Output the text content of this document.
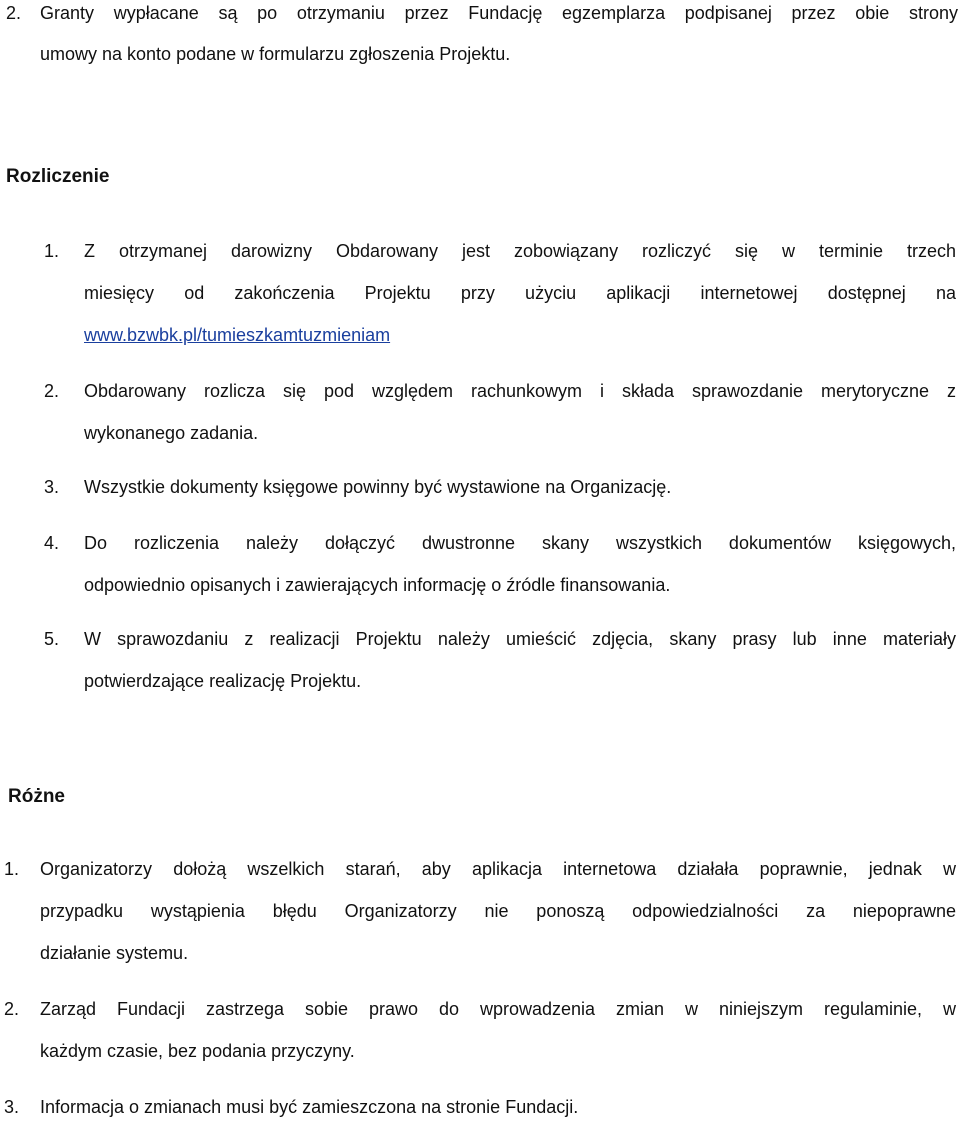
2. Granty wypłacane są po otrzymaniu przez Fundację egzemplarza podpisanej przez obie strony
umowy na konto podane w formularzu zgłoszenia Projektu.
Rozliczenie
1. Z otrzymanej darowizny Obdarowany jest zobowiązany rozliczyć się w terminie trzech
miesięcy od zakończenia Projektu przy użyciu aplikacji internetowej dostępnej na
www.bzwbk.pl/tumieszkamtuzmieniam
2. Obdarowany rozlicza się pod względem rachunkowym i składa sprawozdanie merytoryczne z
wykonanego zadania.
3. Wszystkie dokumenty księgowe powinny być wystawione na Organizację.
4. Do rozliczenia należy dołączyć dwustronne skany wszystkich dokumentów księgowych,
odpowiednio opisanych i zawierających informację o źródle finansowania.
5. W sprawozdaniu z realizacji Projektu należy umieścić zdjęcia, skany prasy lub inne materiały
potwierdzające realizację Projektu.
Różne
1. Organizatorzy dołożą wszelkich starań, aby aplikacja internetowa działała poprawnie, jednak w
przypadku wystąpienia błędu Organizatorzy nie ponoszą odpowiedzialności za niepoprawne
działanie systemu.
2. Zarząd Fundacji zastrzega sobie prawo do wprowadzenia zmian w niniejszym regulaminie, w
każdym czasie, bez podania przyczyny.
3. Informacja o zmianach musi być zamieszczona na stronie Fundacji.
